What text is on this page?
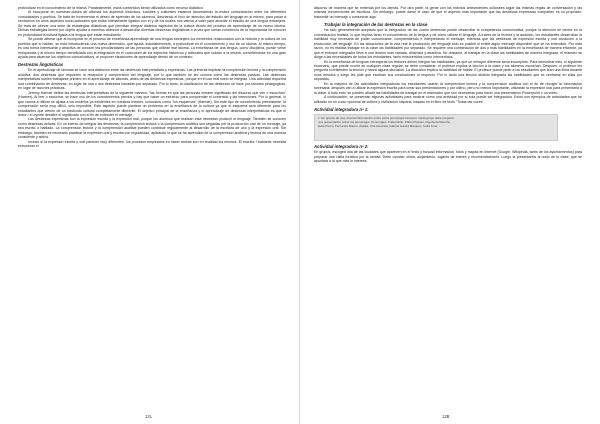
profundizar en el conocimiento de la misma. Paralelamente, estos contenidos serán utilizados como recurso didáctico.

Al incorporar en nuestras clases de idiomas los aspectos históricos, sociales y culturales estamos favoreciendo la mutua comunicación entre los diferentes comunidades y pueblos. Se trata de incrementar el deseo de aprender de los alumnos, desviando el foco de atención del estudio del lenguaje en sí mismo, para pasar a centrarnos en unos aspectos socio-culturales que están íntimamente ligados con él y de los cuales nos vamos a valer para abordar el estudio de una lengua extranjera. Se trata de ofrecer una serie de estrategias didácticas que permitan integrar distintos aspectos de la cultura dentro del proceso de aprendizaje de un nuevo idioma. Dichas estrategias tienen por objeto ayudar a nuestros alumnos a desarrollar diversas destrezas lingüísticas a la vez que toman conciencia de la importancia de conocer en profundidad la cultura ligada a la lengua que están estudiando.

Se puede afirmar que al incorporar en el proceso de enseñanza-aprendizaje de una lengua extranjera los elementos relacionados con la historia y la cultura de los pueblos que lo hablan, se está introduciendo una nueva dimensión, que ayuda, indudablemente, a profundizar en el conocimiento y uso de un idioma. Al mismo tiempo, es una forma interesante y atractiva de conocer las peculiaridades de las personas que utilizan ese idioma. La enseñanza de una lengua, como disciplina, puede verse enriquecida y al mismo tiempo beneficiada con la integración en el currículum de los aspectos históricos y culturales que rodean a la misma, convirtiéndose en una gran ayuda para alcanzar los objetivos comunicativos, al proponer situaciones de aprendizaje dentro de un contexto.

Destrezas lingüísticas

En el aprendizaje de idiomas se hace una distinción entre las destrezas interpretativas y expresivas. Las primeras implican la comprensión lectora y la comprensión auditiva, dos destrezas que requieren la recepción y comprensión del lenguaje, por lo que también se les conoce como las destrezas pasivas. Las destrezas interpretativas suelen trabajarse primero en el aprendizaje de idiomas, antes de las destrezas expresivas, porque en el uso real suelo se integran. Una actividad requerirá una combinación de destrezas, en lugar de una o dos destrezas tomadas por separado. Por lo tanto, la clasificación de las destrezas se hace por razones pedagógicas, en lugar de razones prácticas.

Jeremy Harmer define las destrezas interpretativas de la siguiente manera: "las formas en que las personas extraen significado del discurso que ven o escuchan" (Harmer). Al leer o escuchar, se hace uso de los conocimientos previos y hay que hacer un esfuerzo para comprender el contenido y las intenciones. Por lo general, lo que vamos a utilizar se ajusta a los modelos ya existentes en nuestras mentes, conocidos como "los esquemas" (Harmer). Sin este tipo de conocimiento preexistente, la comprensión sería muy difícil, sino imposible. Este aspecto puede plantear un problema en la enseñanza de la cultura ya que el esquema será diferente para los estudiantes que vienen de un trasfondo cultural completamente diferente. El objetivo principal de la enseñanza y el aprendizaje de destrezas interpretativas es que el lector / el oyente descifre el significado con el fin de entender el mensaje.

Las destrezas expresivas son la expresión escrita y la expresión oral, porque los alumnos que realizan esta necesitan producir el lenguaje. También se conocen como destrezas activas. En un intento de integrar las destrezas, la comprensión lectora o la comprensión auditiva son seguidas por la producción oral de un mensaje, ya sea escrito o hablado. La comprensión lectora y la comprensión auditiva pueden contribuir regularmente al desarrollo de la escritura de uno y la expresión oral. Sin embargo, también es necesario practicar la expresión oral y escrita con regularidad, aplicando lo que se ha aprendido de la comprensión auditiva y lectora de una manera consciente y activa.

Incluso si la expresión escrita y oral parecen muy diferentes, los procesos empleados en hacer ambas son en realidad los mismos. El escritor / hablante necesita estructurar el

12L

discurso de manera que se entienda por los demás. Por otra parte, la gente con los mismos antecedentes culturales sigue las mismas reglas de conversación y las mismas convenciones de escritura. Sin embargo, puede darse el caso de que el aspecto más importante que las destrezas expresivas comparten es su propósito: transmitir un mensaje o comunicar algo.

Trabajar la integración de las destrezas en la clase

Ha sido generalmente aceptado que la integración de las cuatro destrezas puede desarrollar la competencia comunicativa, porque la atención se centra en la comunicación realista, lo que implica tanto el conocimiento de la lengua y de cómo utilizar el lenguaje. A través de la lectura y la audición, los estudiantes desarrollan la habilidad muy necesaria de poder comunicarse, comprendiendo e interpretando el mensaje, mientras que las destrezas de expresión escrita y oral conducen a la producción del lenguaje. En las situaciones de la vida real la producción del lenguaje sólo es posible si existe algún mensaje disponible que se ha entendido. Por esta razón, no es realista trabajar en la clase las habilidades por separado. Se requiere una combinación de dos o más habilidades en la enseñanza de manera eficiente, ya que el enfoque integrador lleva a una lección más variada, dinámica y atractiva. No obstante, al trabajar en la clase las habilidades de manera integrada, el maestro se dirige a las necesidades de todos los estudiantes, tanto extrovertidos como introvertidos.

En la enseñanza de lenguas extranjeras los lectores deben integrar las habilidades, ya que un enfoque diferente sería incompleto. Para demostrar esto, el siguiente escenario, que puede ocurrir en cualquier clase regular, se debe considerar: el profesor explica la lección a la clase y los alumnos escuchan. Después, el profesor les pregunta si entienden la lección y habrá alguna discusión. La discusión implica la habilidad de hablar. El profesor puede pedir a los estudiantes que lean una ficha durante unos minutos y luego les pide que escriban sus conclusiones al respecto. Por lo tanto una lección distinta integraría las habilidades que se centrarse en ellas por separado.

En la mayoría de las actividades integradoras los estudiantes usarán la comprensión lectora y la comprensión auditiva con el fin de recoger la información necesaria; después van a utilizar la expresión escrita para crear sus presentaciones y por último, pero no menos importante, utilizarán la expresión oral para presentarla a la clase. A todo esto, se pueden añadir las habilidades de trabajar en el ordenador que son necesarias para hacer una presentación Powerpoint o un vídeo.

A continuación, se presentan algunas actividades para mostrar cómo una actividad por sí sola puede ser integradora. Estos son ejemplos de actividades que he utilizado en un curso opcional de cultura y civilización hispana, basado en el libro de texto "Todas las voces".

Actividad integradora nº 1:
1. En grupos de tres, buscad información sobre estos personajes famosos. Cada grupo debe preparar
una presentación sobre los personajes. Personajes: Frida Kahlo, Pablo Picasso, Rigoberta Menchú,
Evita Perón, Fernando Botero, Alaska, Che Guevara, Gabriel García Márquez, Celia Cruz, ...
Actividad integradora nº 2:

En grupos, escoged una de las ciudades que aparecen en el texto y buscad información, fotos y mapas en internet (Google, Wikipedia, webs de los ayuntamientos) para preparar una visita turística por la ciudad. Debe constar: clima, alojamiento, lugares de interés y recomendaciones. Luego la presentaréis al resto de la clase, que se apuntará a la que más le interese.

12B
